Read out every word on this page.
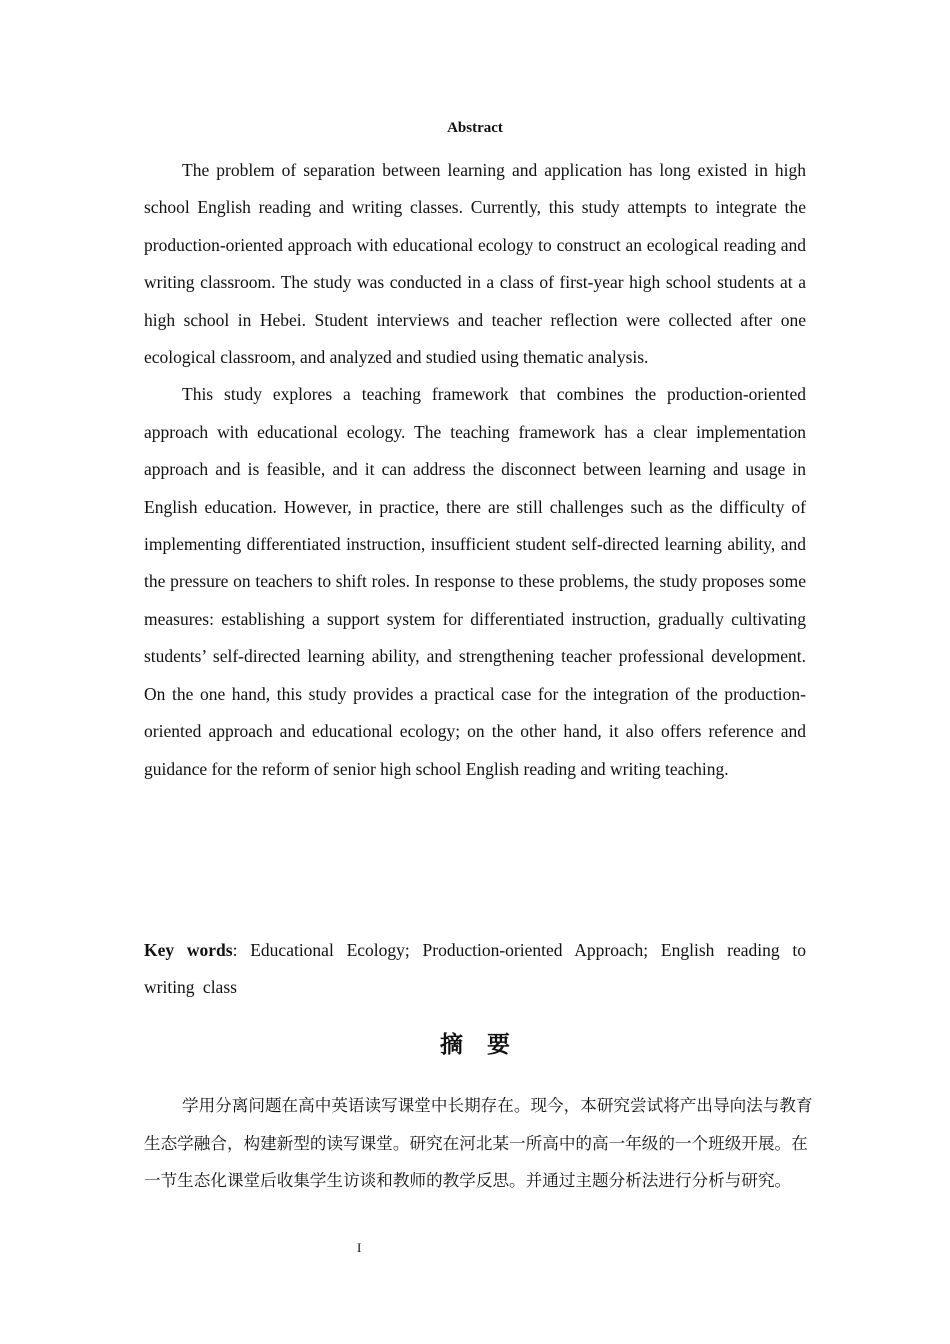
Abstract

The problem of separation between learning and application has long existed in high school English reading and writing classes. Currently, this study attempts to integrate the production-oriented approach with educational ecology to construct an ecological reading and writing classroom. The study was conducted in a class of first-year high school students at a high school in Hebei. Student interviews and teacher reflection were collected after one ecological classroom, and analyzed and studied using thematic analysis.

This study explores a teaching framework that combines the production-oriented approach with educational ecology. The teaching framework has a clear implementation approach and is feasible, and it can address the disconnect between learning and usage in English education. However, in practice, there are still challenges such as the difficulty of implementing differentiated instruction, insufficient student self-directed learning ability, and the pressure on teachers to shift roles. In response to these problems, the study proposes some measures: establishing a support system for differentiated instruction, gradually cultivating students’ self-directed learning ability, and strengthening teacher professional development. On the one hand, this study provides a practical case for the integration of the production-oriented approach and educational ecology; on the other hand, it also offers reference and guidance for the reform of senior high school English reading and writing teaching.

Key words: Educational Ecology; Production-oriented Approach; English reading to writing class
摘要

学用分离问题在高中英语读写课堂中长期存在。现今，本研究尝试将产出导向法与教育生态学融合，构建新型的读写课堂。研究在河北某一所高中的高一年级的一个班级开展。在一节生态化课堂后收集学生访谈和教师的教学反思。并通过主题分析法进行分析与研究。

I
